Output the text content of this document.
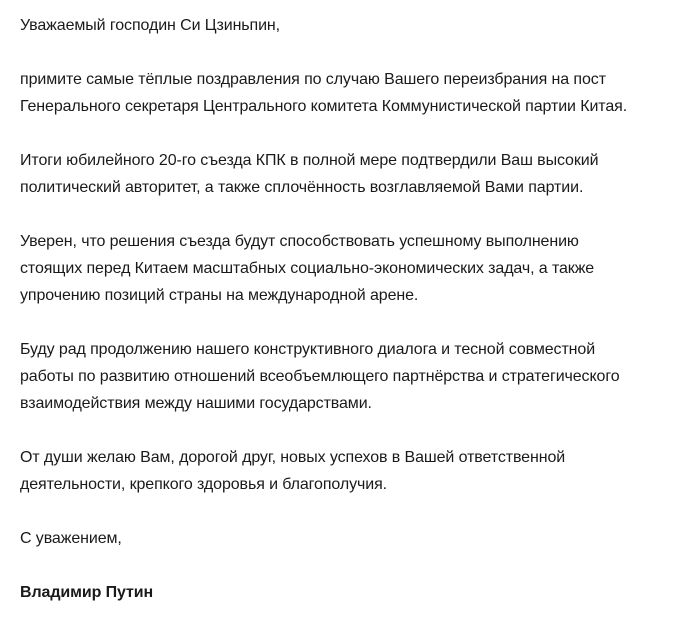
Уважаемый господин Си Цзиньпин,
примите самые тёплые поздравления по случаю Вашего переизбрания на пост
Генерального секретаря Центрального комитета Коммунистической партии Китая.
Итоги юбилейного 20-го съезда КПК в полной мере подтвердили Ваш высокий
политический авторитет, а также сплочённость возглавляемой Вами партии.
Уверен, что решения съезда будут способствовать успешному выполнению
стоящих перед Китаем масштабных социально-экономических задач, а также
упрочению позиций страны на международной арене.
Буду рад продолжению нашего конструктивного диалога и тесной совместной
работы по развитию отношений всеобъемлющего партнёрства и стратегического
взаимодействия между нашими государствами.
От души желаю Вам, дорогой друг, новых успехов в Вашей ответственной
деятельности, крепкого здоровья и благополучия.
С уважением,
Владимир Путин
